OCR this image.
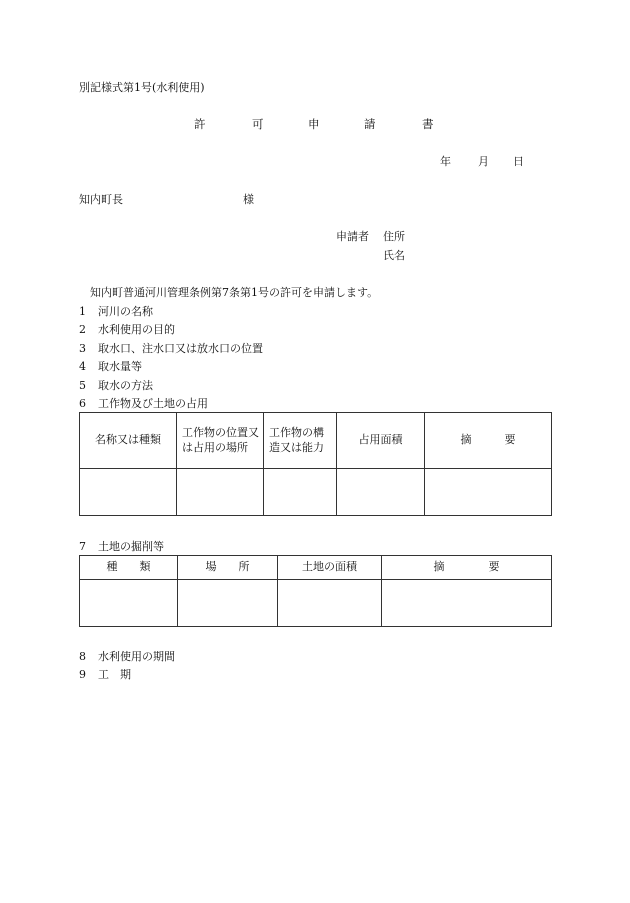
別記様式第1号(水利使用)
許	可	申	請	書
年 月 日
知内町長	様
申請者 住所
氏名
知内町普通河川管理条例第7条第1号の許可を申請します。
1 河川の名称
2 水利使用の目的
3 取水口、注水口又は放水口の位置
4 取水量等
5 取水の方法
6 工作物及び土地の占用
名称又は種類	工作物の位置又は占用の場所	工作物の構造又は能力	占用面積	摘　　　要

7 土地の掘削等
種　　類	場　　所	土地の面積	摘　　　　要

8 水利使用の期間
9 工　期
